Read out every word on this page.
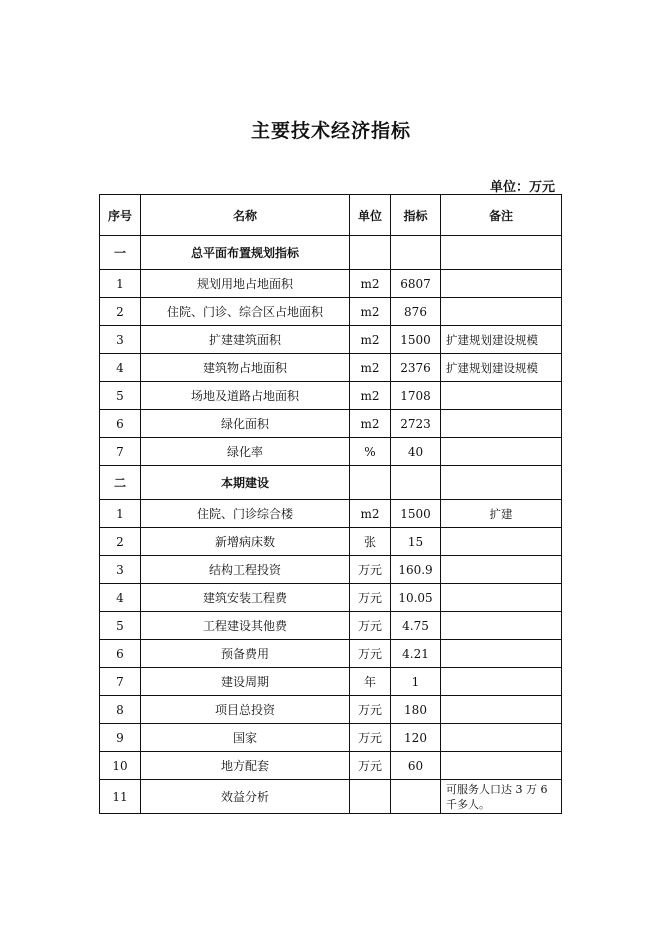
主要技术经济指标
单位：万元
序号	名称	单位	指标	备注
一	总平面布置规划指标			
1	规划用地占地面积	m2	6807	
2	住院、门诊、综合区占地面积	m2	876	
3	扩建建筑面积	m2	1500	扩建规划建设规模
4	建筑物占地面积	m2	2376	扩建规划建设规模
5	场地及道路占地面积	m2	1708	
6	绿化面积	m2	2723	
7	绿化率	%	40	
二	本期建设			
1	住院、门诊综合楼	m2	1500	扩建
2	新增病床数	张	15	
3	结构工程投资	万元	160.9	
4	建筑安装工程费	万元	10.05	
5	工程建设其他费	万元	4.75	
6	预备费用	万元	4.21	
7	建设周期	年	1	
8	项目总投资	万元	180	
9	国家	万元	120	
10	地方配套	万元	60	
11	效益分析			可服务人口达 3 万 6 千多人。
